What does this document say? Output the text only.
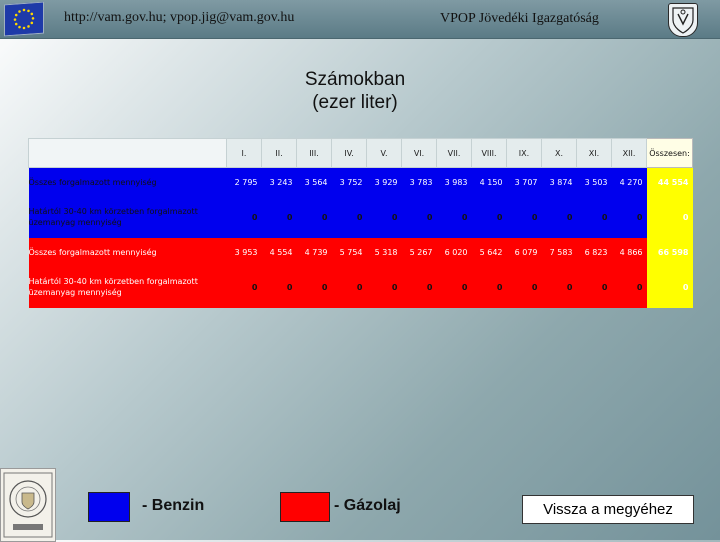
http://vam.gov.hu; vpop.jig@vam.gov.hu	VPOP Jövedéki Igazgatóság
Számokban
(ezer liter)
	I.	II.	III.	IV.	V.	VI.	VII.	VIII.	IX.	X.	XI.	XII.	Összesen:
Összes forgalmazott mennyiség	2 795	3 243	3 564	3 752	3 929	3 783	3 983	4 150	3 707	3 874	3 503	4 270	44 554
Határtól 30-40 km körzetben forgalmazott üzemanyag mennyiség	0	0	0	0	0	0	0	0	0	0	0	0	0
Összes forgalmazott mennyiség	3 953	4 554	4 739	5 754	5 318	5 267	6 020	5 642	6 079	7 583	6 823	4 866	66 598
Határtól 30-40 km körzetben forgalmazott üzemanyag mennyiség	0	0	0	0	0	0	0	0	0	0	0	0	0
- Benzin	- Gázolaj	Vissza a megyéhez
